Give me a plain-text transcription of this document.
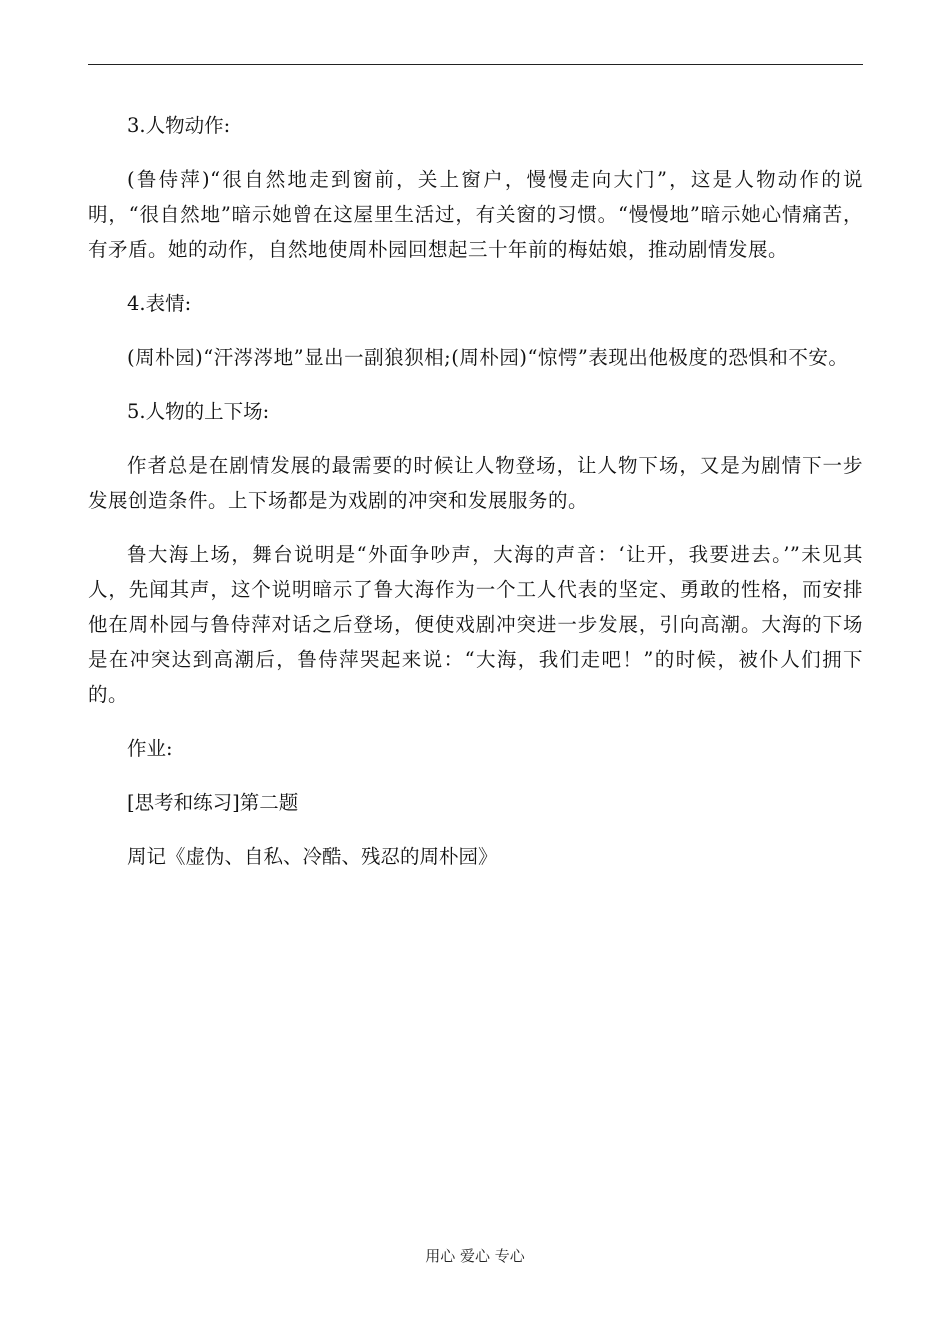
3.人物动作:

(鲁侍萍)“很自然地走到窗前，关上窗户，慢慢走向大门”，这是人物动作的说明，“很自然地”暗示她曾在这屋里生活过，有关窗的习惯。“慢慢地”暗示她心情痛苦，有矛盾。她的动作，自然地使周朴园回想起三十年前的梅姑娘，推动剧情发展。

4.表情:

(周朴园)“汗涔涔地”显出一副狼狈相;(周朴园)“惊愕”表现出他极度的恐惧和不安。

5.人物的上下场:

作者总是在剧情发展的最需要的时候让人物登场，让人物下场，又是为剧情下一步发展创造条件。上下场都是为戏剧的冲突和发展服务的。

鲁大海上场，舞台说明是“外面争吵声，大海的声音：‘让开，我要进去。’”未见其人，先闻其声，这个说明暗示了鲁大海作为一个工人代表的坚定、勇敢的性格，而安排他在周朴园与鲁侍萍对话之后登场，便使戏剧冲突进一步发展，引向高潮。大海的下场是在冲突达到高潮后，鲁侍萍哭起来说：“大海，我们走吧！”的时候，被仆人们拥下的。

作业:

[思考和练习]第二题

周记《虚伪、自私、冷酷、残忍的周朴园》

用心 爱心 专心
